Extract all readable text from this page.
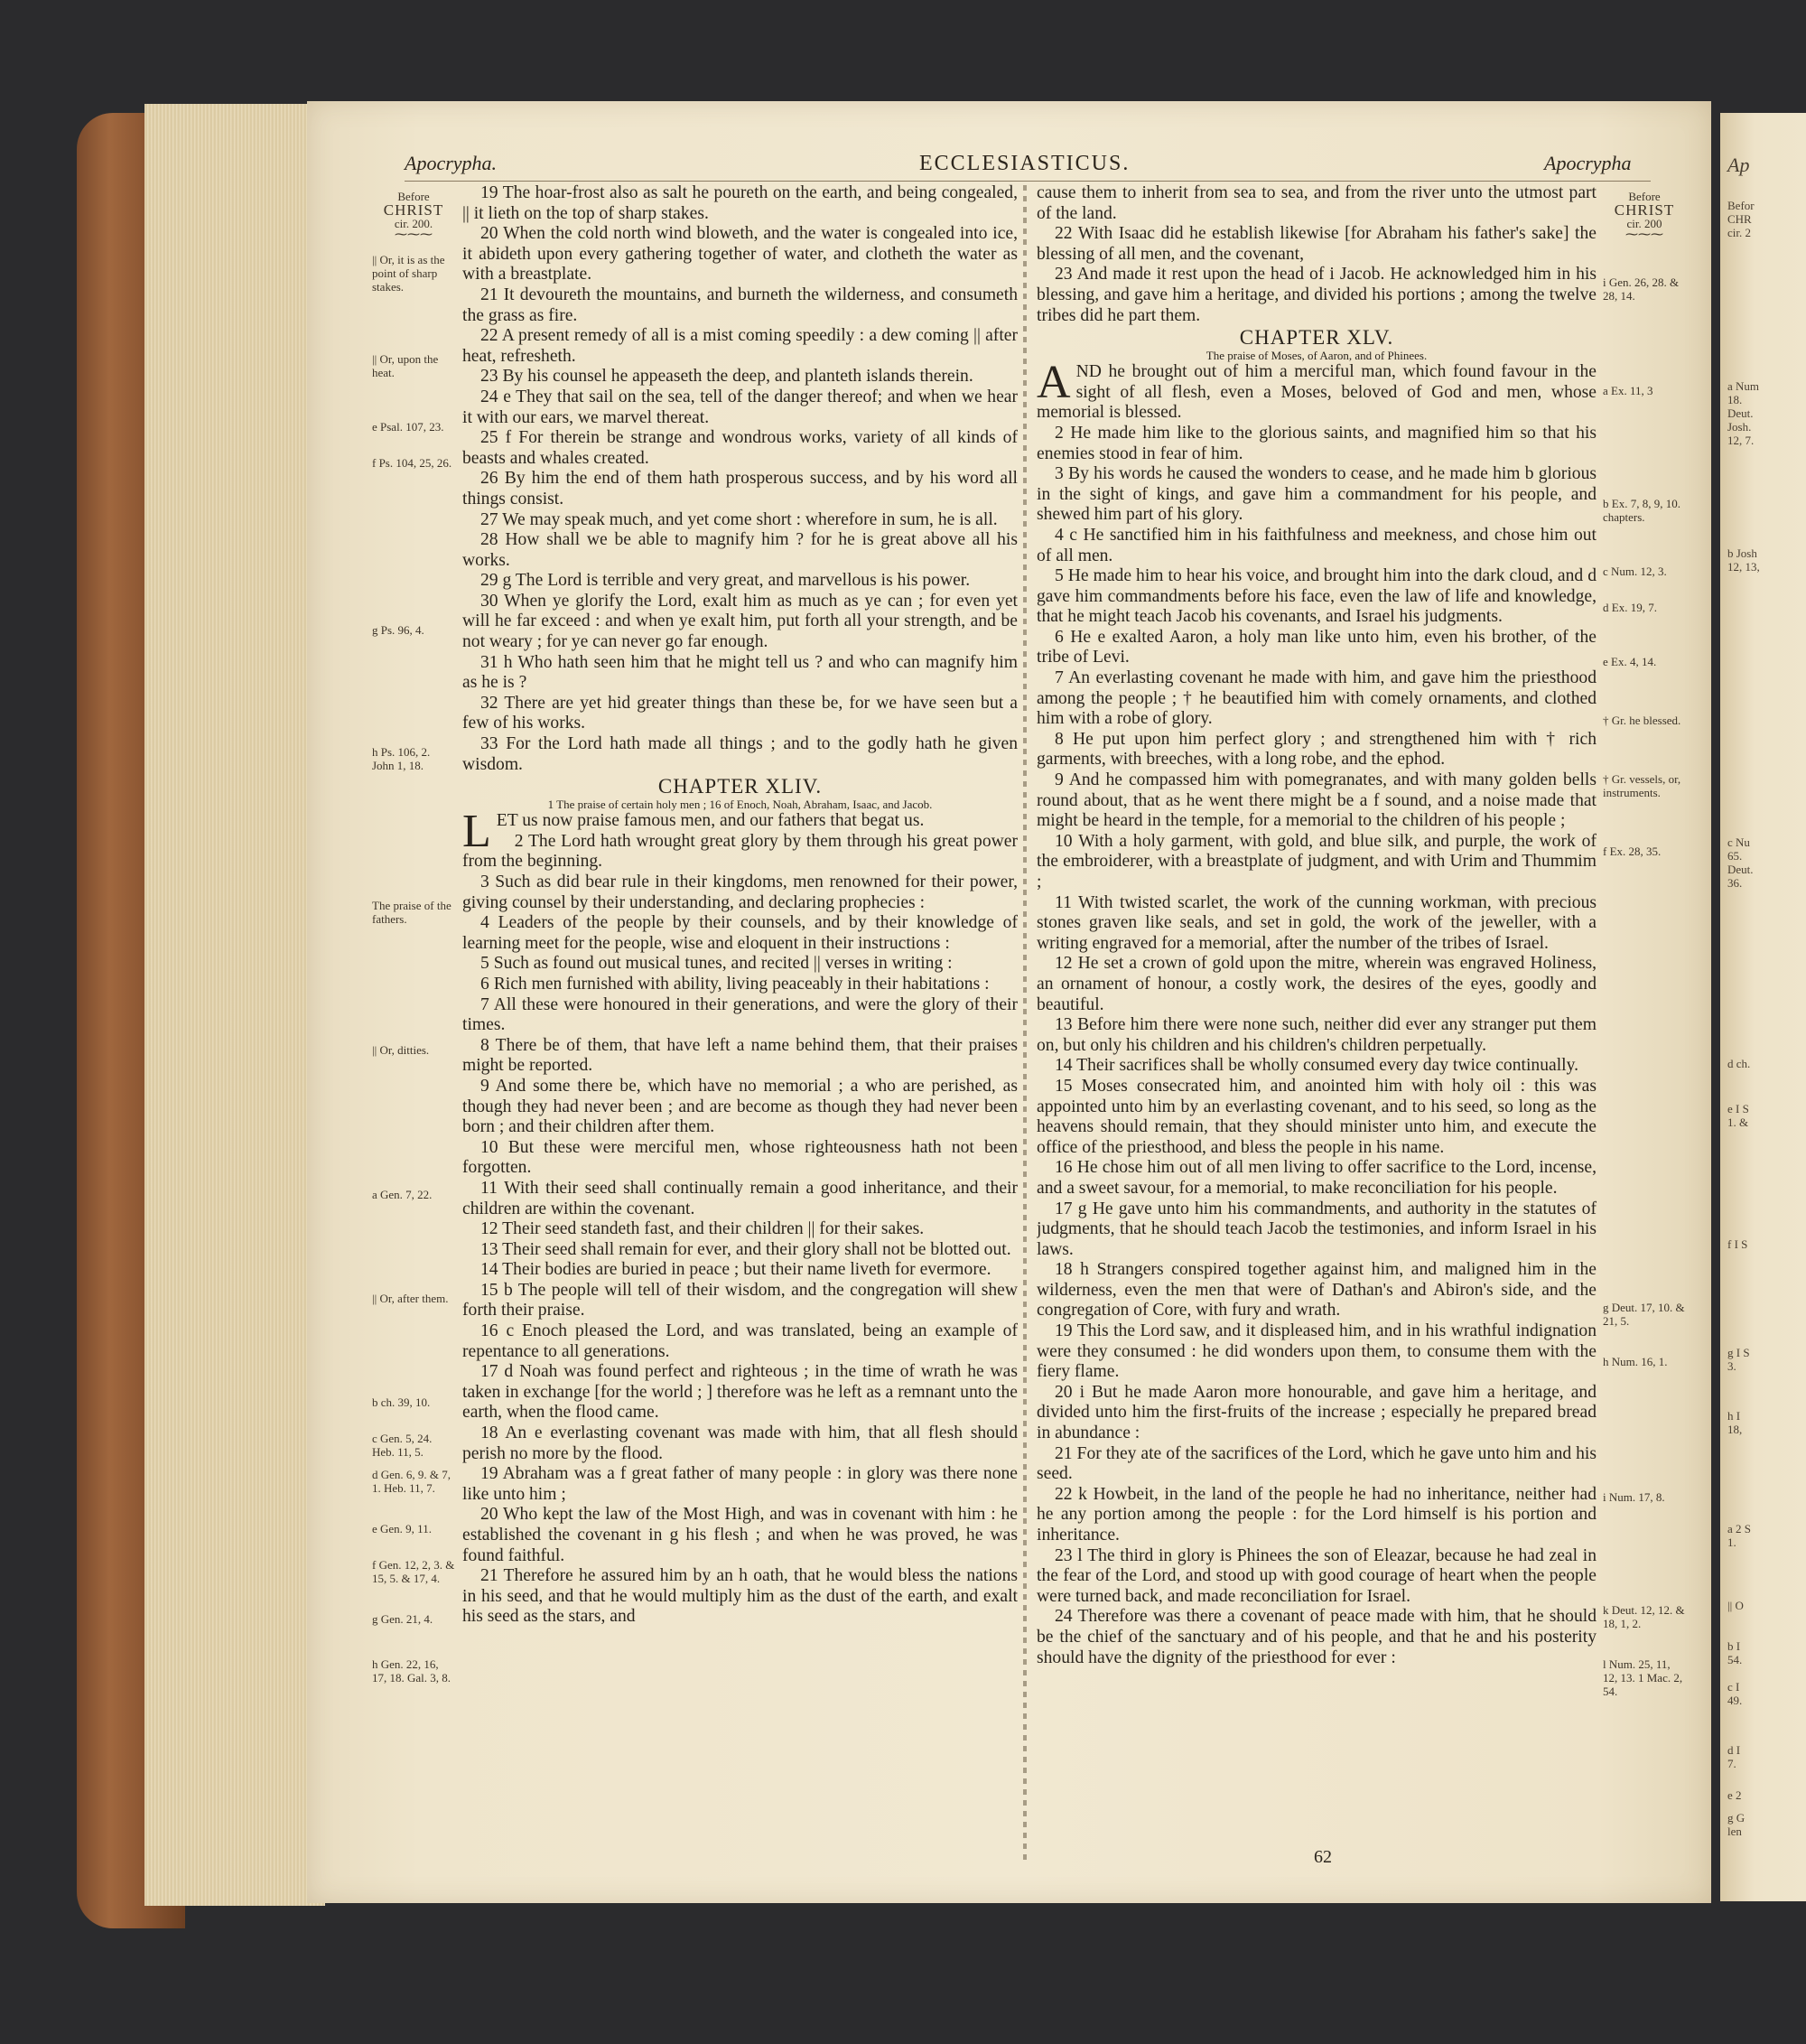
Ap
Befor
CHR
cir. 2
a Num
18.
Deut.
Josh.
12, 7.
b Josh
12, 13,
c Nu
65.
Deut.
36.
d ch.
e I S
1. &
f I S
g I S
3.
h I
18,
a 2 S
1.
|| O
b I
54.
c I
49.
d I
7.
e 2
g G
len
Apocrypha.	ECCLESIASTICUS.	Apocrypha
Before
CHRIST
cir. 200.
⁓⁓⁓
|| Or, it is as the point of sharp stakes.
|| Or, upon the heat.
e Psal. 107, 23.
f Ps. 104, 25, 26.
g Ps. 96, 4.
h Ps. 106, 2. John 1, 18.
The praise of the fathers.
|| Or, ditties.
a Gen. 7, 22.
|| Or, after them.
b ch. 39, 10.
c Gen. 5, 24. Heb. 11, 5.
d Gen. 6, 9. & 7, 1. Heb. 11, 7.
e Gen. 9, 11.
f Gen. 12, 2, 3. & 15, 5. & 17, 4.
g Gen. 21, 4.
h Gen. 22, 16, 17, 18. Gal. 3, 8.
Before
CHRIST
cir. 200
⁓⁓⁓
i Gen. 26, 28. & 28, 14.
a Ex. 11, 3
b Ex. 7, 8, 9, 10. chapters.
c Num. 12, 3.
d Ex. 19, 7.
e Ex. 4, 14.
† Gr. he blessed.
† Gr. vessels, or, instruments.
f Ex. 28, 35.
g Deut. 17, 10. & 21, 5.
h Num. 16, 1.
i Num. 17, 8.
k Deut. 12, 12. & 18, 1, 2.
l Num. 25, 11, 12, 13. 1 Mac. 2, 54.

19 The hoar-frost also as salt he poureth on the earth, and being congealed, || it lieth on the top of sharp stakes.

20 When the cold north wind bloweth, and the water is congealed into ice, it abideth upon every gathering together of water, and clotheth the water as with a breastplate.

21 It devoureth the mountains, and burneth the wilderness, and consumeth the grass as fire.

22 A present remedy of all is a mist coming speedily : a dew coming || after heat, refresheth.

23 By his counsel he appeaseth the deep, and planteth islands therein.

24 e They that sail on the sea, tell of the danger thereof; and when we hear it with our ears, we marvel thereat.

25 f For therein be strange and wondrous works, variety of all kinds of beasts and whales created.

26 By him the end of them hath prosperous success, and by his word all things consist.

27 We may speak much, and yet come short : wherefore in sum, he is all.

28 How shall we be able to magnify him ? for he is great above all his works.

29 g The Lord is terrible and very great, and marvellous is his power.

30 When ye glorify the Lord, exalt him as much as ye can ; for even yet will he far exceed : and when ye exalt him, put forth all your strength, and be not weary ; for ye can never go far enough.

31 h Who hath seen him that he might tell us ? and who can magnify him as he is ?

32 There are yet hid greater things than these be, for we have seen but a few of his works.

33 For the Lord hath made all things ; and to the godly hath he given wisdom.

CHAPTER XLIV.

1 The praise of certain holy men ; 16 of Enoch, Noah, Abraham, Isaac, and Jacob.

LET us now praise famous men, and our fathers that begat us.

2 The Lord hath wrought great glory by them through his great power from the beginning.

3 Such as did bear rule in their kingdoms, men renowned for their power, giving counsel by their understanding, and declaring prophecies :

4 Leaders of the people by their counsels, and by their knowledge of learning meet for the people, wise and eloquent in their instructions :

5 Such as found out musical tunes, and recited || verses in writing :

6 Rich men furnished with ability, living peaceably in their habitations :

7 All these were honoured in their generations, and were the glory of their times.

8 There be of them, that have left a name behind them, that their praises might be reported.

9 And some there be, which have no memorial ; a who are perished, as though they had never been ; and are become as though they had never been born ; and their children after them.

10 But these were merciful men, whose righteousness hath not been forgotten.

11 With their seed shall continually remain a good inheritance, and their children are within the covenant.

12 Their seed standeth fast, and their children || for their sakes.

13 Their seed shall remain for ever, and their glory shall not be blotted out.

14 Their bodies are buried in peace ; but their name liveth for evermore.

15 b The people will tell of their wisdom, and the congregation will shew forth their praise.

16 c Enoch pleased the Lord, and was translated, being an example of repentance to all generations.

17 d Noah was found perfect and righteous ; in the time of wrath he was taken in exchange [for the world ; ] therefore was he left as a remnant unto the earth, when the flood came.

18 An e everlasting covenant was made with him, that all flesh should perish no more by the flood.

19 Abraham was a f great father of many people : in glory was there none like unto him ;

20 Who kept the law of the Most High, and was in covenant with him : he established the covenant in g his flesh ; and when he was proved, he was found faithful.

21 Therefore he assured him by an h oath, that he would bless the nations in his seed, and that he would multiply him as the dust of the earth, and exalt his seed as the stars, and

cause them to inherit from sea to sea, and from the river unto the utmost part of the land.

22 With Isaac did he establish likewise [for Abraham his father's sake] the blessing of all men, and the covenant,

23 And made it rest upon the head of i Jacob. He acknowledged him in his blessing, and gave him a heritage, and divided his portions ; among the twelve tribes did he part them.

CHAPTER XLV.

The praise of Moses, of Aaron, and of Phinees.

AND he brought out of him a merciful man, which found favour in the sight of all flesh, even a Moses, beloved of God and men, whose memorial is blessed.

2 He made him like to the glorious saints, and magnified him so that his enemies stood in fear of him.

3 By his words he caused the wonders to cease, and he made him b glorious in the sight of kings, and gave him a commandment for his people, and shewed him part of his glory.

4 c He sanctified him in his faithfulness and meekness, and chose him out of all men.

5 He made him to hear his voice, and brought him into the dark cloud, and d gave him commandments before his face, even the law of life and knowledge, that he might teach Jacob his covenants, and Israel his judgments.

6 He e exalted Aaron, a holy man like unto him, even his brother, of the tribe of Levi.

7 An everlasting covenant he made with him, and gave him the priesthood among the people ; † he beautified him with comely ornaments, and clothed him with a robe of glory.

8 He put upon him perfect glory ; and strengthened him with † rich garments, with breeches, with a long robe, and the ephod.

9 And he compassed him with pomegranates, and with many golden bells round about, that as he went there might be a f sound, and a noise made that might be heard in the temple, for a memorial to the children of his people ;

10 With a holy garment, with gold, and blue silk, and purple, the work of the embroiderer, with a breastplate of judgment, and with Urim and Thummim ;

11 With twisted scarlet, the work of the cunning workman, with precious stones graven like seals, and set in gold, the work of the jeweller, with a writing engraved for a memorial, after the number of the tribes of Israel.

12 He set a crown of gold upon the mitre, wherein was engraved Holiness, an ornament of honour, a costly work, the desires of the eyes, goodly and beautiful.

13 Before him there were none such, neither did ever any stranger put them on, but only his children and his children's children perpetually.

14 Their sacrifices shall be wholly consumed every day twice continually.

15 Moses consecrated him, and anointed him with holy oil : this was appointed unto him by an everlasting covenant, and to his seed, so long as the heavens should remain, that they should minister unto him, and execute the office of the priesthood, and bless the people in his name.

16 He chose him out of all men living to offer sacrifice to the Lord, incense, and a sweet savour, for a memorial, to make reconciliation for his people.

17 g He gave unto him his commandments, and authority in the statutes of judgments, that he should teach Jacob the testimonies, and inform Israel in his laws.

18 h Strangers conspired together against him, and maligned him in the wilderness, even the men that were of Dathan's and Abiron's side, and the congregation of Core, with fury and wrath.

19 This the Lord saw, and it displeased him, and in his wrathful indignation were they consumed : he did wonders upon them, to consume them with the fiery flame.

20 i But he made Aaron more honourable, and gave him a heritage, and divided unto him the first-fruits of the increase ; especially he prepared bread in abundance :

21 For they ate of the sacrifices of the Lord, which he gave unto him and his seed.

22 k Howbeit, in the land of the people he had no inheritance, neither had he any portion among the people : for the Lord himself is his portion and inheritance.

23 l The third in glory is Phinees the son of Eleazar, because he had zeal in the fear of the Lord, and stood up with good courage of heart when the people were turned back, and made reconciliation for Israel.

24 Therefore was there a covenant of peace made with him, that he should be the chief of the sanctuary and of his people, and that he and his posterity should have the dignity of the priesthood for ever :

62
